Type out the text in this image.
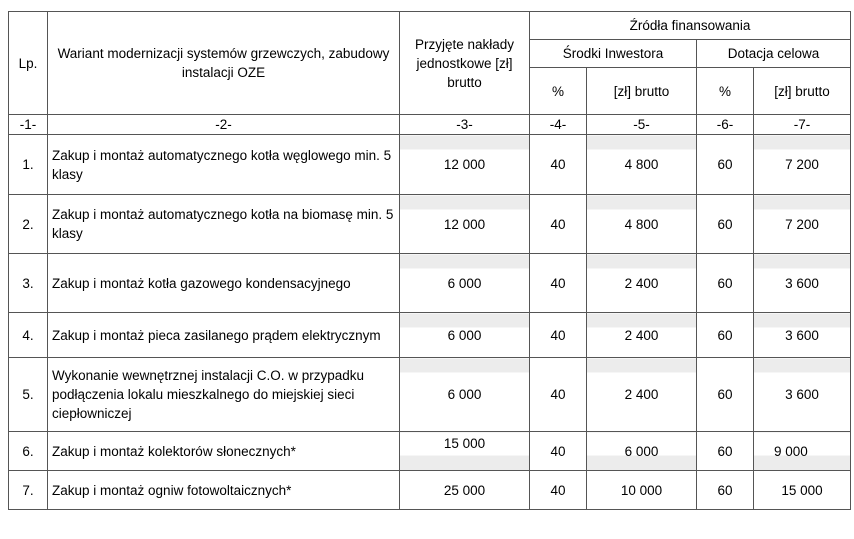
Lp.	Wariant modernizacji systemów grzewczych, zabudowy instalacji OZE	Przyjęte nakłady jednostkowe [zł] brutto	Źródła finansowania			
			Środki Inwestora		Dotacja celowa	
			%	[zł] brutto	%	[zł] brutto
-1-	-2-	-3-	-4-	-5-	-6-	-7-
1.	Zakup i montaż automatycznego kotła węglowego min. 5 klasy	12 000	40	4 800	60	7 200
2.	Zakup i montaż automatycznego kotła na biomasę min. 5 klasy	12 000	40	4 800	60	7 200
3.	Zakup i montaż kotła gazowego kondensacyjnego	6 000	40	2 400	60	3 600
4.	Zakup i montaż pieca zasilanego prądem elektrycznym	6 000	40	2 400	60	3 600
5.	Wykonanie wewnętrznej instalacji C.O. w przypadku podłączenia lokalu mieszkalnego do miejskiej sieci ciepłowniczej	6 000	40	2 400	60	3 600
6.	Zakup i montaż kolektorów słonecznych*	15 000	40	6 000	60	9 000
7.	Zakup i montaż ogniw fotowoltaicznych*	25 000	40	10 000	60	15 000
